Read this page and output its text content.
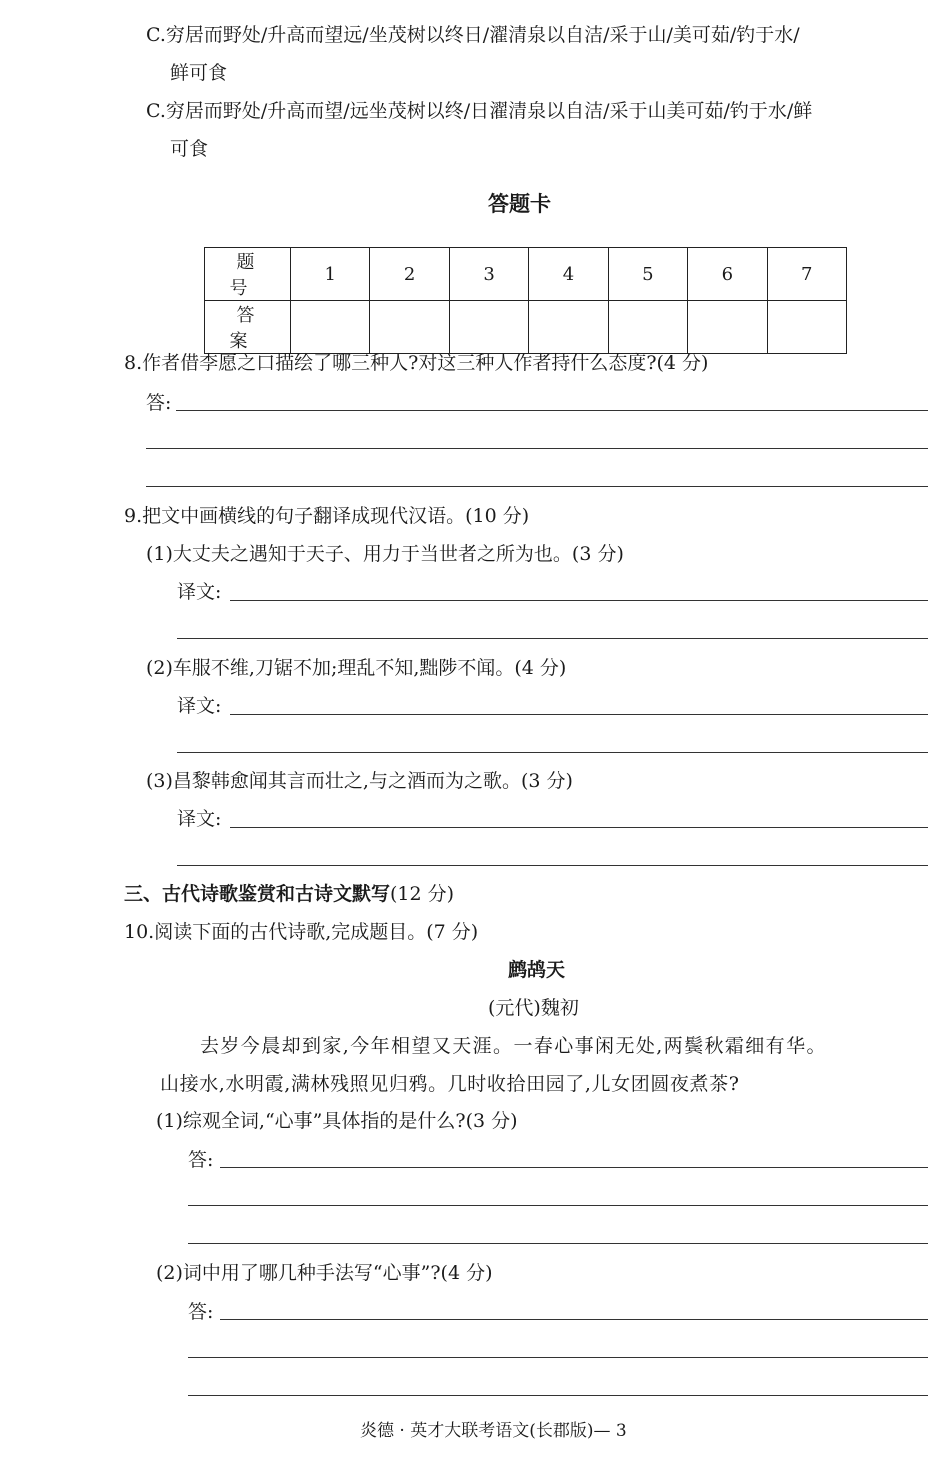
C.穷居而野处/升高而望远/坐茂树以终日/濯清泉以自洁/采于山/美可茹/钓于水/
鲜可食
C.穷居而野处/升高而望/远坐茂树以终/日濯清泉以自洁/采于山美可茹/钓于水/鲜
可食
答题卡
题 号	1	2	3	4	5	6	7
答 案							
8.作者借李愿之口描绘了哪三种人?对这三种人作者持什么态度?(4 分)
答:
9.把文中画横线的句子翻译成现代汉语。(10 分)
(1)大丈夫之遇知于天子、用力于当世者之所为也。(3 分)
译文:
(2)车服不维,刀锯不加;理乱不知,黜陟不闻。(4 分)
译文:
(3)昌黎韩愈闻其言而壮之,与之酒而为之歌。(3 分)
译文:
三、古代诗歌鉴赏和古诗文默写(12 分)
10.阅读下面的古代诗歌,完成题目。(7 分)
鹧鸪天
(元代)魏初
去岁今晨却到家,今年相望又天涯。一春心事闲无处,两鬓秋霜细有华。
山接水,水明霞,满林残照见归鸦。几时收拾田园了,儿女团圆夜煮茶?
(1)综观全词,“心事”具体指的是什么?(3 分)
答:
(2)词中用了哪几种手法写“心事”?(4 分)
答:
炎德 · 英才大联考语文(长郡版)— 3
